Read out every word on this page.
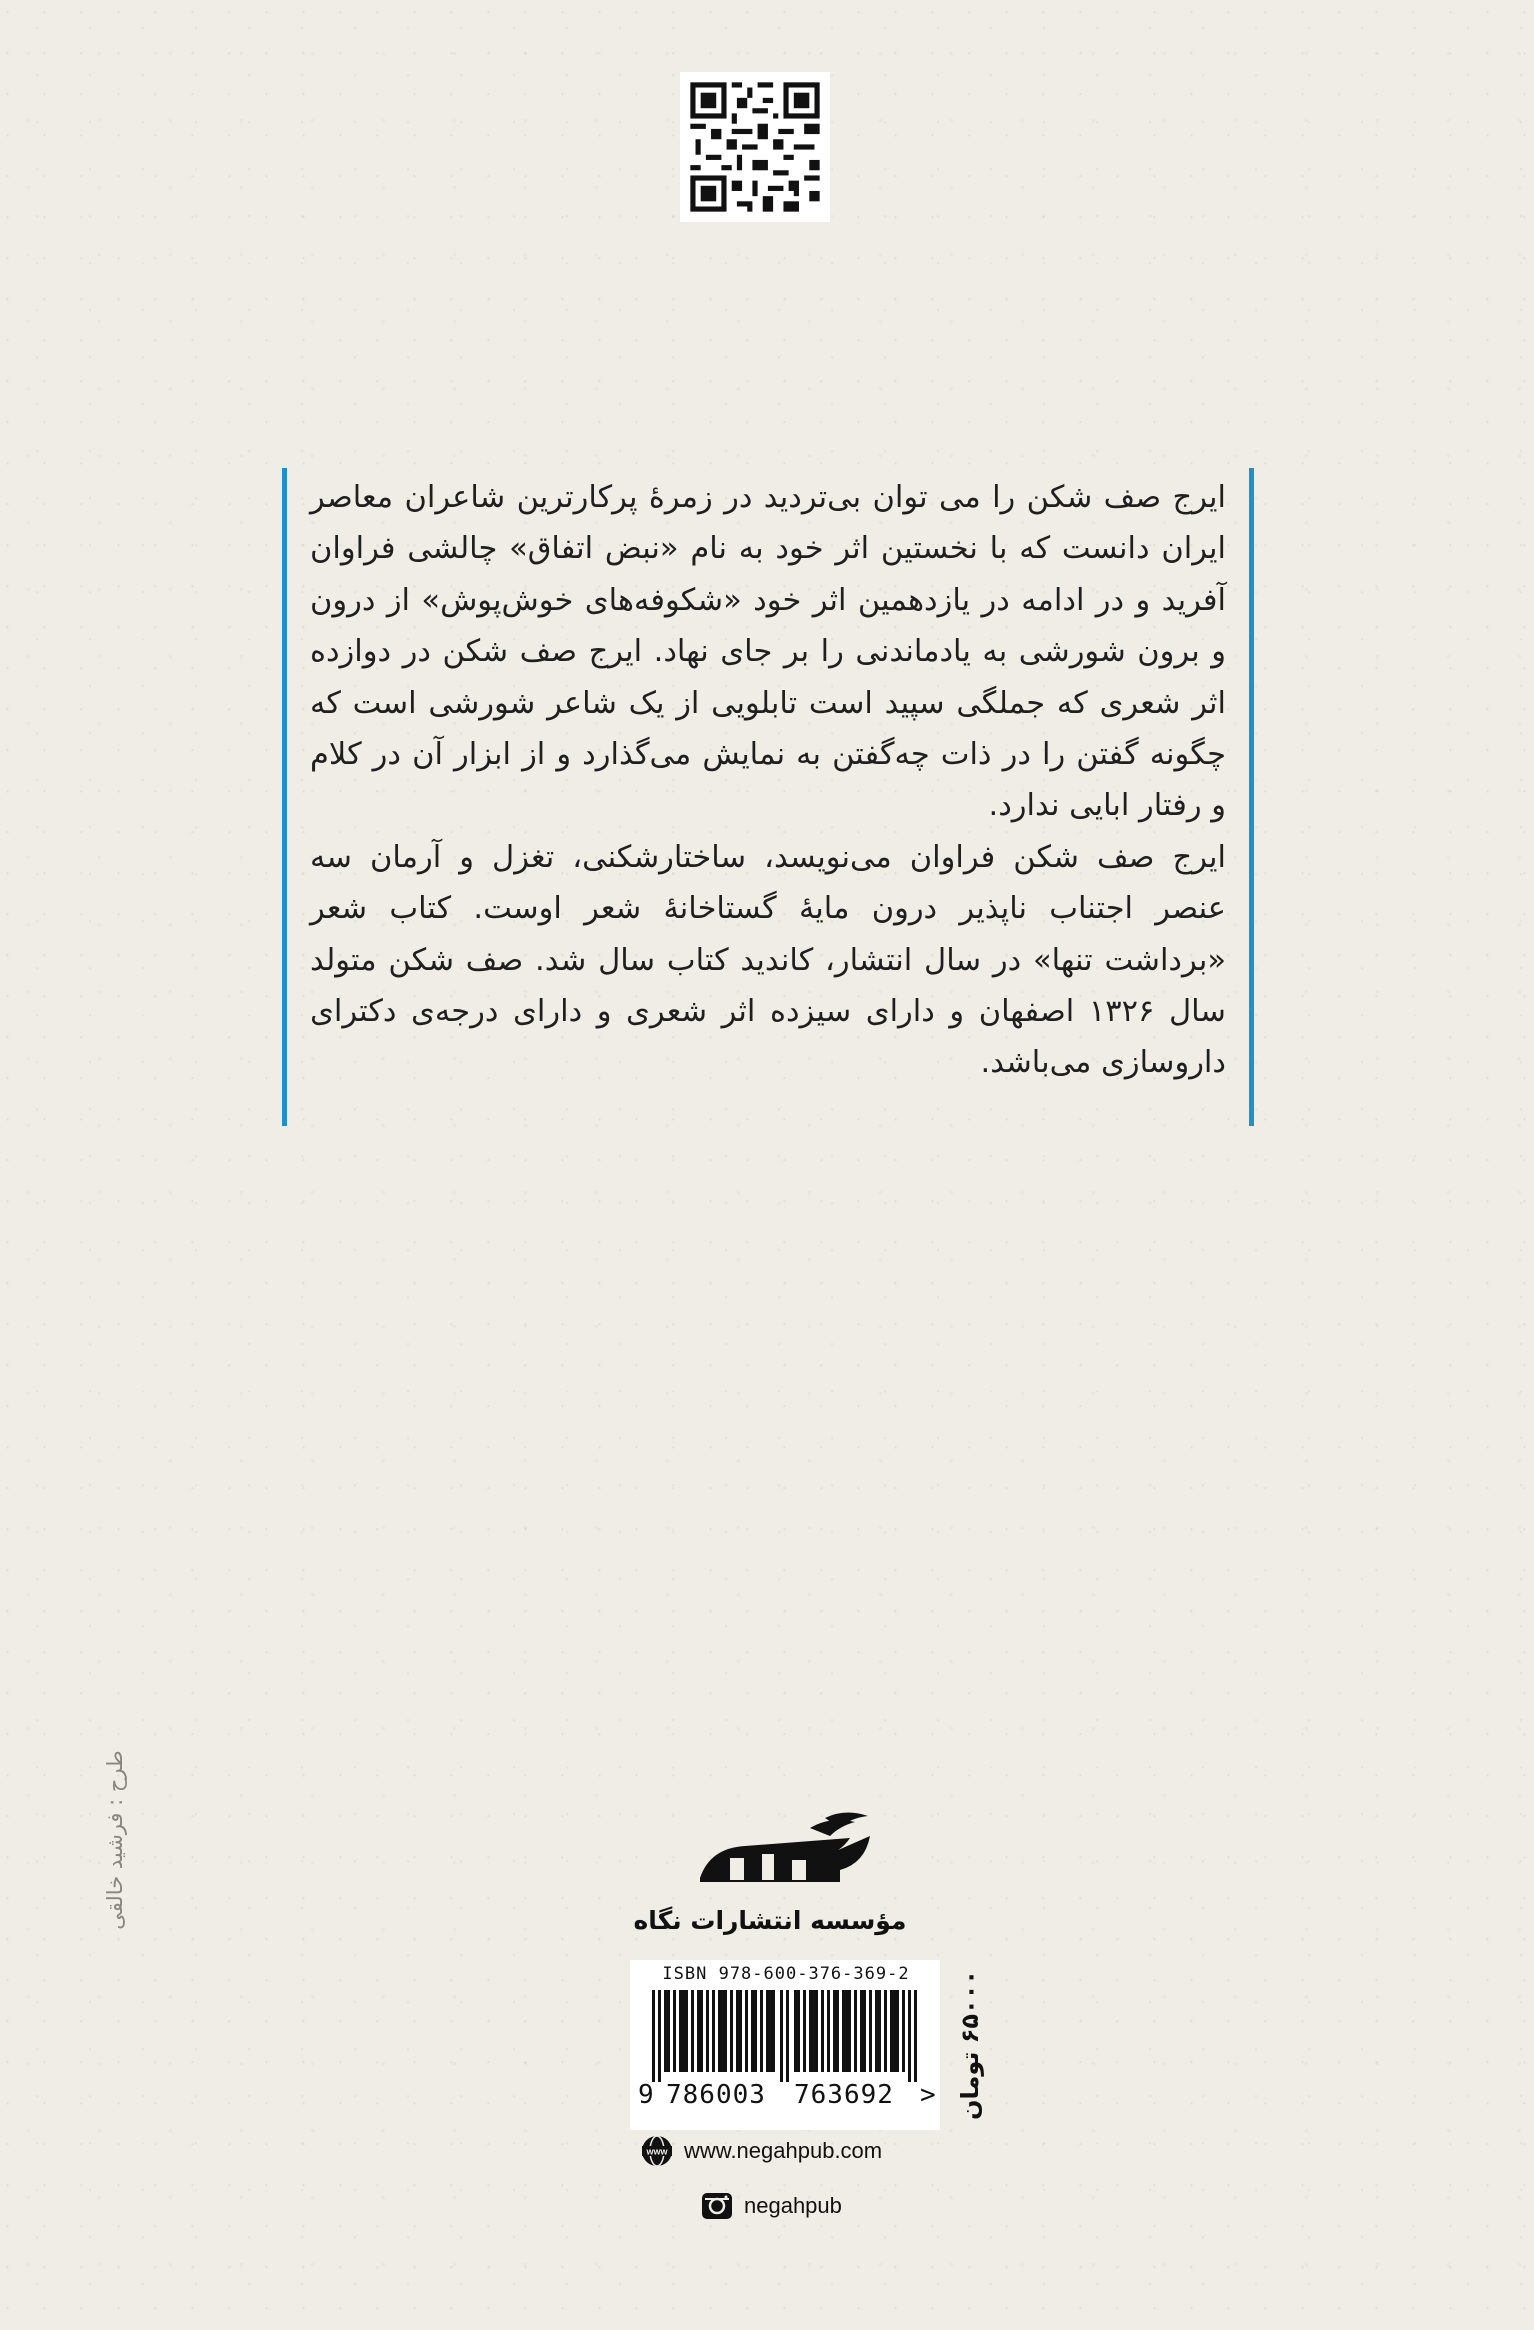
ایرج صف شکن را می توان بی‌تردید در زمرهٔ پرکارترین شاعران معاصر ایران دانست که با نخستین اثر خود به نام «نبض اتفاق» چالشی فراوان آفرید و در ادامه در یازدهمین اثر خود «شکوفه‌های خوش‌پوش» از درون و برون شورشی به یادماندنی را بر جای نهاد. ایرج صف شکن در دوازده اثر شعری که جملگی سپید است تابلویی از یک شاعر شورشی است که چگونه گفتن را در ذات چه‌گفتن به نمایش می‌گذارد و از ابزار آن در کلام و رفتار ابایی ندارد.

ایرج صف شکن فراوان می‌نویسد، ساختارشکنی، تغزل و آرمان سه عنصر اجتناب ناپذیر درون مایهٔ گستاخانهٔ شعر اوست. کتاب شعر «برداشت تنها» در سال انتشار، کاندید کتاب سال شد. صف شکن متولد سال ۱۳۲۶ اصفهان و دارای سیزده اثر شعری و دارای درجه‌ی دکترای داروسازی می‌باشد.

طرح : فرشید خالقی	مؤسسه انتشارات نگاه
ISBN 978-600-376-369-2
9 786003 763692 > ۶۵۰۰۰ تومان
www www.negahpub.com
negahpub
